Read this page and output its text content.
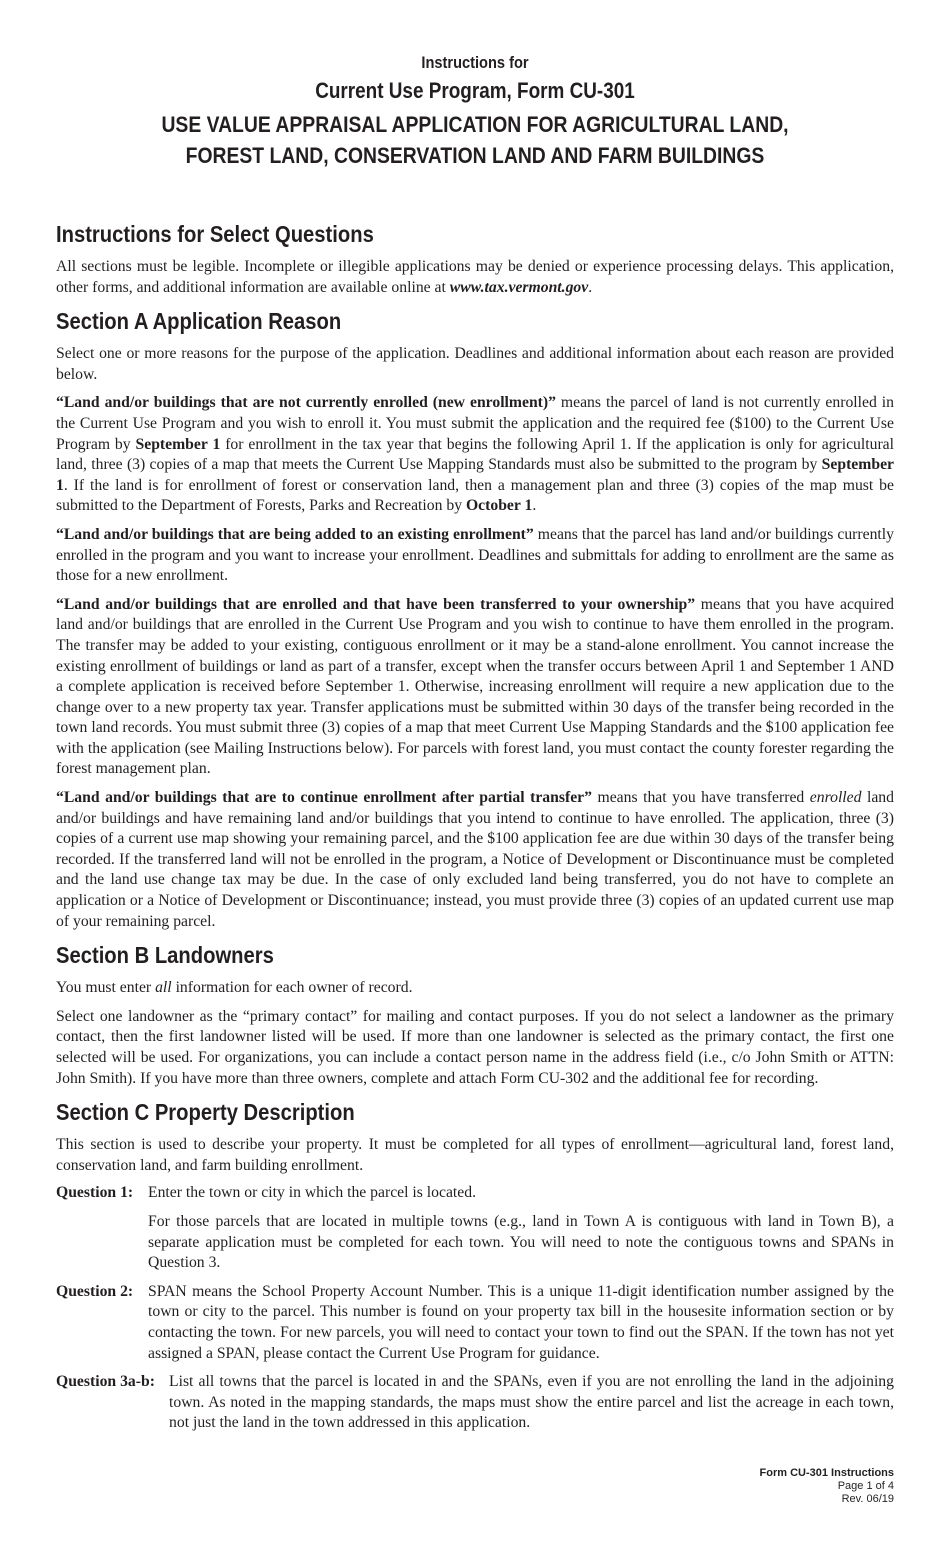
Instructions for
Current Use Program, Form CU-301
USE VALUE APPRAISAL APPLICATION FOR AGRICULTURAL LAND,
FOREST LAND, CONSERVATION LAND AND FARM BUILDINGS
Instructions for Select Questions

All sections must be legible. Incomplete or illegible applications may be denied or experience processing delays. This application, other forms, and additional information are available online at www.tax.vermont.gov.

Section A Application Reason

Select one or more reasons for the purpose of the application. Deadlines and additional information about each reason are provided below.

“Land and/or buildings that are not currently enrolled (new enrollment)” means the parcel of land is not currently enrolled in the Current Use Program and you wish to enroll it. You must submit the application and the required fee ($100) to the Current Use Program by September 1 for enrollment in the tax year that begins the following April 1. If the application is only for agricultural land, three (3) copies of a map that meets the Current Use Mapping Standards must also be submitted to the program by September 1. If the land is for enrollment of forest or conservation land, then a management plan and three (3) copies of the map must be submitted to the Department of Forests, Parks and Recreation by October 1.

“Land and/or buildings that are being added to an existing enrollment” means that the parcel has land and/or buildings currently enrolled in the program and you want to increase your enrollment. Deadlines and submittals for adding to enrollment are the same as those for a new enrollment.

“Land and/or buildings that are enrolled and that have been transferred to your ownership” means that you have acquired land and/or buildings that are enrolled in the Current Use Program and you wish to continue to have them enrolled in the program. The transfer may be added to your existing, contiguous enrollment or it may be a stand-alone enrollment. You cannot increase the existing enrollment of buildings or land as part of a transfer, except when the transfer occurs between April 1 and September 1 AND a complete application is received before September 1. Otherwise, increasing enrollment will require a new application due to the change over to a new property tax year. Transfer applications must be submitted within 30 days of the transfer being recorded in the town land records. You must submit three (3) copies of a map that meet Current Use Mapping Standards and the $100 application fee with the application (see Mailing Instructions below). For parcels with forest land, you must contact the county forester regarding the forest management plan.

“Land and/or buildings that are to continue enrollment after partial transfer” means that you have transferred enrolled land and/or buildings and have remaining land and/or buildings that you intend to continue to have enrolled. The application, three (3) copies of a current use map showing your remaining parcel, and the $100 application fee are due within 30 days of the transfer being recorded. If the transferred land will not be enrolled in the program, a Notice of Development or Discontinuance must be completed and the land use change tax may be due. In the case of only excluded land being transferred, you do not have to complete an application or a Notice of Development or Discontinuance; instead, you must provide three (3) copies of an updated current use map of your remaining parcel.

Section B Landowners

You must enter all information for each owner of record.

Select one landowner as the “primary contact” for mailing and contact purposes. If you do not select a landowner as the primary contact, then the first landowner listed will be used. If more than one landowner is selected as the primary contact, the first one selected will be used. For organizations, you can include a contact person name in the address field (i.e., c/o John Smith or ATTN: John Smith). If you have more than three owners, complete and attach Form CU-302 and the additional fee for recording.

Section C Property Description

This section is used to describe your property. It must be completed for all types of enrollment—agricultural land, forest land, conservation land, and farm building enrollment.

Question 1: Enter the town or city in which the parcel is located.
For those parcels that are located in multiple towns (e.g., land in Town A is contiguous with land in Town B), a separate application must be completed for each town. You will need to note the contiguous towns and SPANs in Question 3.
Question 2: SPAN means the School Property Account Number. This is a unique 11-digit identification number assigned by the town or city to the parcel. This number is found on your property tax bill in the housesite information section or by contacting the town. For new parcels, you will need to contact your town to find out the SPAN. If the town has not yet assigned a SPAN, please contact the Current Use Program for guidance.
Question 3a-b: List all towns that the parcel is located in and the SPANs, even if you are not enrolling the land in the adjoining town. As noted in the mapping standards, the maps must show the entire parcel and list the acreage in each town, not just the land in the town addressed in this application.
Form CU-301 Instructions
Page 1 of 4
Rev. 06/19
